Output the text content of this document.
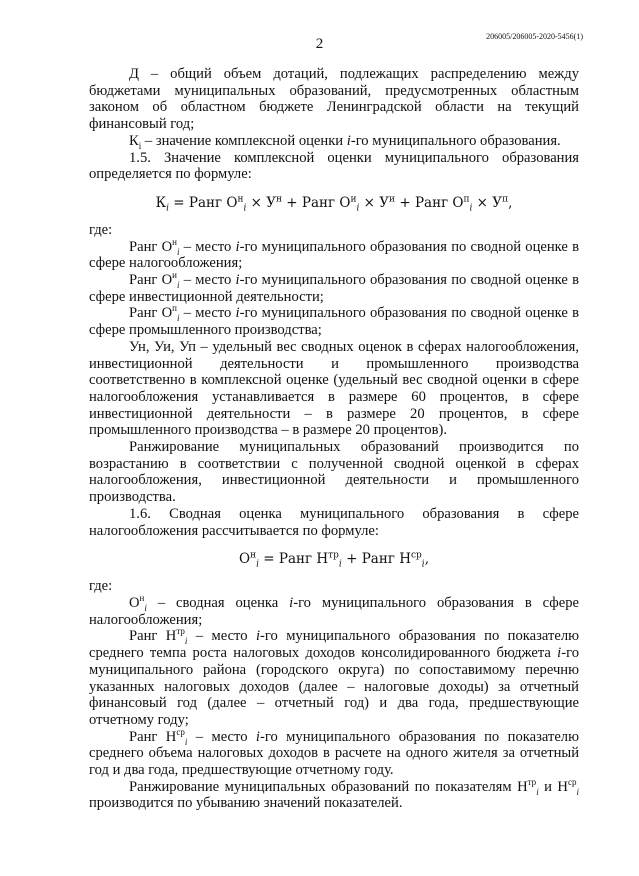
2	206005/206005-2020-5456(1)

Д – общий объем дотаций, подлежащих распределению между бюджетами муниципальных образований, предусмотренных областным законом об областном бюджете Ленинградской области на текущий финансовый год;

$К_i$ – значение комплексной оценки i-го муниципального образования.

1.5. Значение комплексной оценки муниципального образования определяется по формуле:

$К_i$ = Ранг $О^н_i \times У^н$ + Ранг $О^и_i \times У^и$ + Ранг $О^п_i \times У^п$,

где:

Ранг $О^н_i$ – место i-го муниципального образования по сводной оценке в сфере налогообложения;

Ранг $О^и_i$ – место i-го муниципального образования по сводной оценке в сфере инвестиционной деятельности;

Ранг $О^п_i$ – место i-го муниципального образования по сводной оценке в сфере промышленного производства;

Ун, Уи, Уп – удельный вес сводных оценок в сферах налогообложения, инвестиционной деятельности и промышленного производства соответственно в комплексной оценке (удельный вес сводной оценки в сфере налогообложения устанавливается в размере 60 процентов, в сфере инвестиционной деятельности – в размере 20 процентов, в сфере промышленного производства – в размере 20 процентов).

Ранжирование муниципальных образований производится по возрастанию в соответствии с полученной сводной оценкой в сферах налогообложения, инвестиционной деятельности и промышленного производства.

1.6. Сводная оценка муниципального образования в сфере налогообложения рассчитывается по формуле:

$О^н_i$ = Ранг $Н^{тр}_i$ + Ранг $Н^{ср}_i$,

где:

$О^н_i$ – сводная оценка i-го муниципального образования в сфере налогообложения;

Ранг $Н^{тр}_i$ – место i-го муниципального образования по показателю среднего темпа роста налоговых доходов консолидированного бюджета i-го муниципального района (городского округа) по сопоставимому перечню указанных налоговых доходов (далее – налоговые доходы) за отчетный финансовый год (далее – отчетный год) и два года, предшествующие отчетному году;

Ранг $Н^{ср}_i$ – место i-го муниципального образования по показателю среднего объема налоговых доходов в расчете на одного жителя за отчетный год и два года, предшествующие отчетному году.

Ранжирование муниципальных образований по показателям $Н^{тр}_i$ и $Н^{ср}_i$ производится по убыванию значений показателей.
